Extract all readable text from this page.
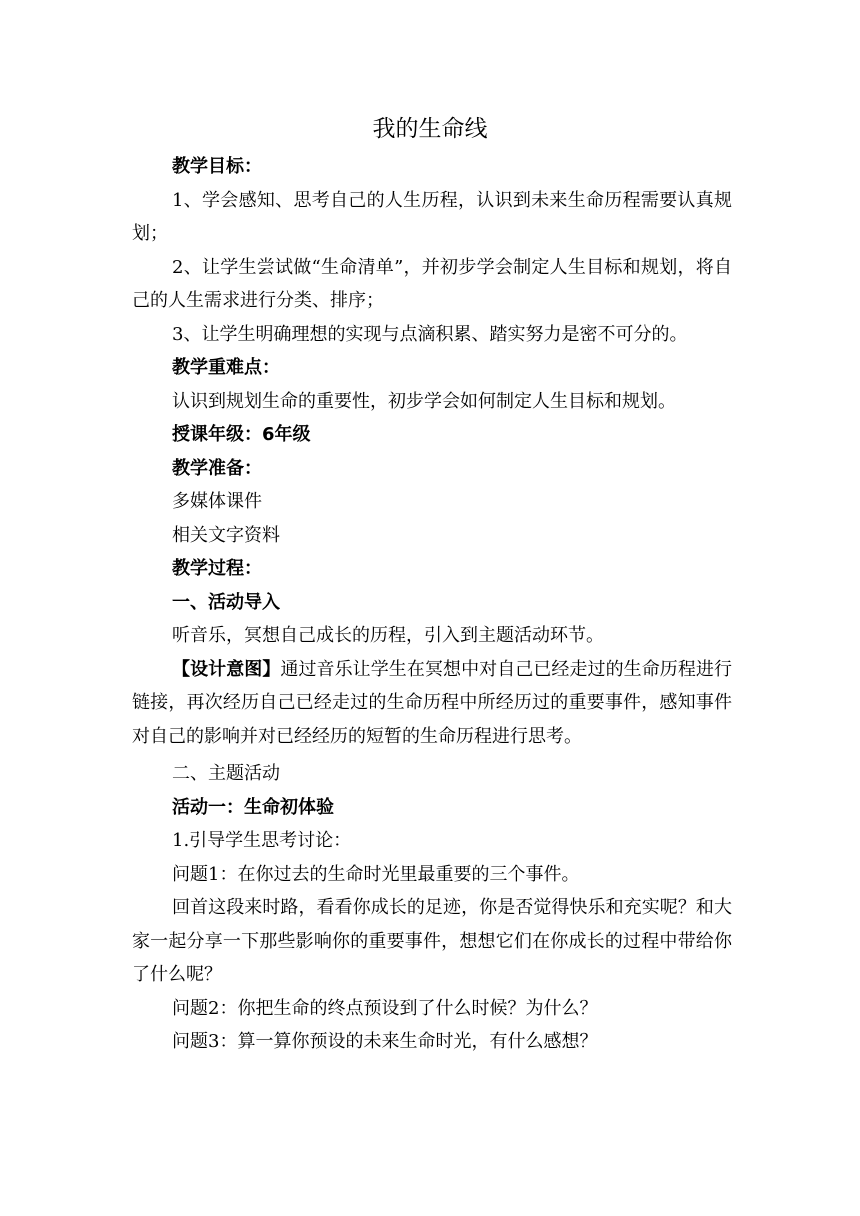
我的生命线

教学目标：

1、学会感知、思考自己的人生历程，认识到未来生命历程需要认真规划；

2、让学生尝试做“生命清单”，并初步学会制定人生目标和规划，将自己的人生需求进行分类、排序；

3、让学生明确理想的实现与点滴积累、踏实努力是密不可分的。

教学重难点：

认识到规划生命的重要性，初步学会如何制定人生目标和规划。

授课年级：6年级

教学准备：

多媒体课件

相关文字资料

教学过程：

一、活动导入

听音乐，冥想自己成长的历程，引入到主题活动环节。

【设计意图】通过音乐让学生在冥想中对自己已经走过的生命历程进行链接，再次经历自己已经走过的生命历程中所经历过的重要事件，感知事件对自己的影响并对已经经历的短暂的生命历程进行思考。

二、主题活动

活动一：生命初体验

1.引导学生思考讨论：

问题1：在你过去的生命时光里最重要的三个事件。

回首这段来时路，看看你成长的足迹，你是否觉得快乐和充实呢？和大家一起分享一下那些影响你的重要事件，想想它们在你成长的过程中带给你了什么呢？

问题2：你把生命的终点预设到了什么时候？为什么？

问题3：算一算你预设的未来生命时光，有什么感想？
